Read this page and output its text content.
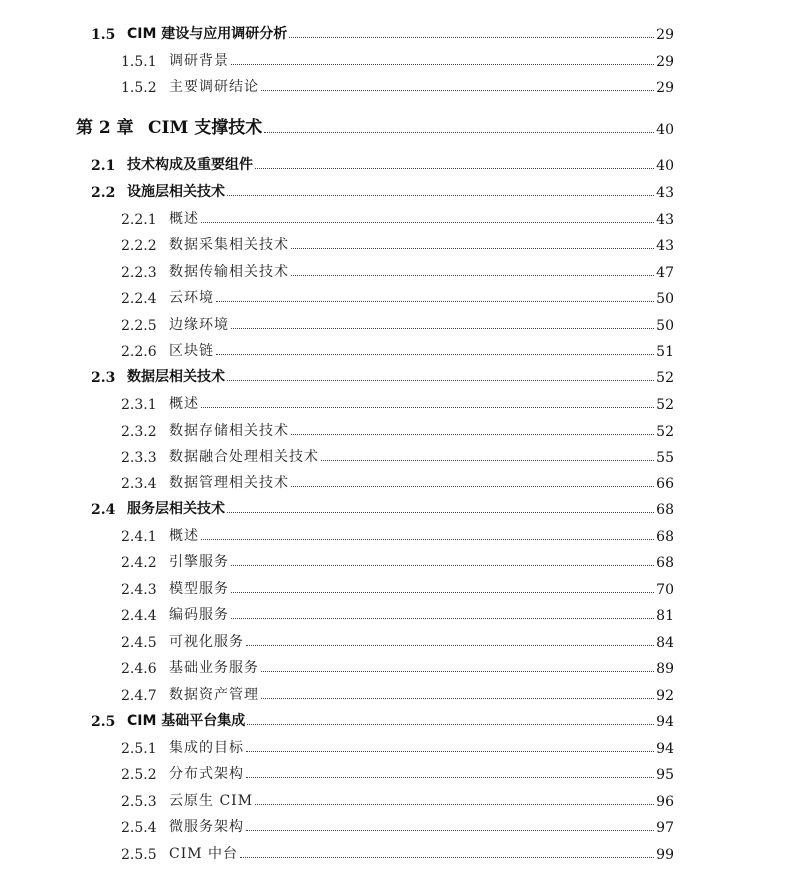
1.5 CIM 建设与应用调研分析	29
1.5.1 调研背景	29
1.5.2 主要调研结论	29
第 2 章 CIM 支撑技术	40
2.1 技术构成及重要组件	40
2.2 设施层相关技术	43
2.2.1 概述	43
2.2.2 数据采集相关技术	43
2.2.3 数据传输相关技术	47
2.2.4 云环境	50
2.2.5 边缘环境	50
2.2.6 区块链	51
2.3 数据层相关技术	52
2.3.1 概述	52
2.3.2 数据存储相关技术	52
2.3.3 数据融合处理相关技术	55
2.3.4 数据管理相关技术	66
2.4 服务层相关技术	68
2.4.1 概述	68
2.4.2 引擎服务	68
2.4.3 模型服务	70
2.4.4 编码服务	81
2.4.5 可视化服务	84
2.4.6 基础业务服务	89
2.4.7 数据资产管理	92
2.5 CIM 基础平台集成	94
2.5.1 集成的目标	94
2.5.2 分布式架构	95
2.5.3 云原生 CIM	96
2.5.4 微服务架构	97
2.5.5 CIM 中台	99
